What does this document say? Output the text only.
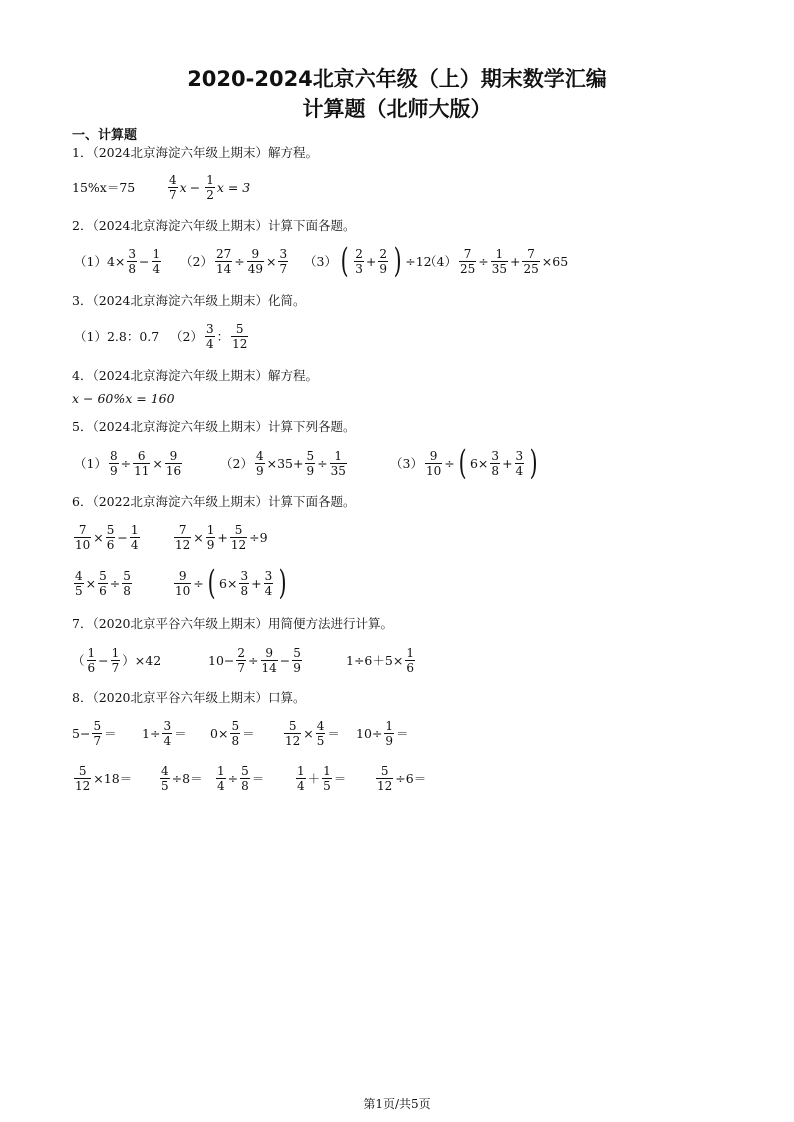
2020-2024北京六年级（上）期末数学汇编
计算题（北师大版）
一、计算题
1．（2024北京海淀六年级上期末）解方程。
15%x＝75	$\frac{4}{7}$ $x - \frac{1}{2}$ x = 3
2．（2024北京海淀六年级上期末）计算下面各题。
（1） $4 \times \frac{3}{8} - \frac{1}{4} (2) \frac{27}{14} \div \frac{9}{49} \times \frac{3}{7} (3)$ ( $\frac{2}{3} + \frac{2}{9}$ ) ÷12
$(4) \frac{7}{25} \div \frac{1}{35} + \frac{7}{25} \times 65$
3．（2024北京海淀六年级上期末）化简。
（1） 2.8：0.7 $(2) \frac{3}{4}$ ： $\frac{5}{12}$
4．（2024北京海淀六年级上期末）解方程。
x − 60%x = 160
5．（2024北京海淀六年级上期末）计算下列各题。
$(1) \frac{8}{9} \div \frac{6}{11} \times \frac{9}{16}$	$(2) \frac{4}{9} \times 35 + \frac{5}{9} \div \frac{1}{35}$	$(3) \frac{9}{10}$ ÷ ( $6\times \frac{3}{8} + \frac{3}{4}$ )
6．（2022北京海淀六年级上期末）计算下面各题。
$\frac{7}{10} \times \frac{5}{6} - \frac{1}{4}$	$\frac{7}{12} \times \frac{1}{9} + \frac{5}{12} \div 9$
$\frac{4}{5} \times \frac{5}{6} \div \frac{5}{8}$	$\frac{9}{10}$ ÷ ( $6\times \frac{3}{8} + \frac{3}{4}$ )
7．（2020北京平谷六年级上期末）用简便方法进行计算。
（ $\frac{1}{6} - \frac{1}{7} )\times 42$	$10- \frac{2}{7} \div \frac{9}{14} - \frac{5}{9}$	$1\div 6+5\times \frac{1}{6}$
8．（2020北京平谷六年级上期末）口算。
$5- \frac{5}{7} = 1\div \frac{3}{4} = 0\times \frac{5}{8} = \frac{5}{12} \times \frac{4}{5} = 10\div \frac{1}{9}$ ＝
$\frac{5}{12} \times 18= \frac{4}{5} \div 8= \frac{1}{4} \div \frac{5}{8}$ ＝	$\frac{1}{4} + \frac{1}{5} = \frac{5}{12} \div 6=$
第1页/共5页
